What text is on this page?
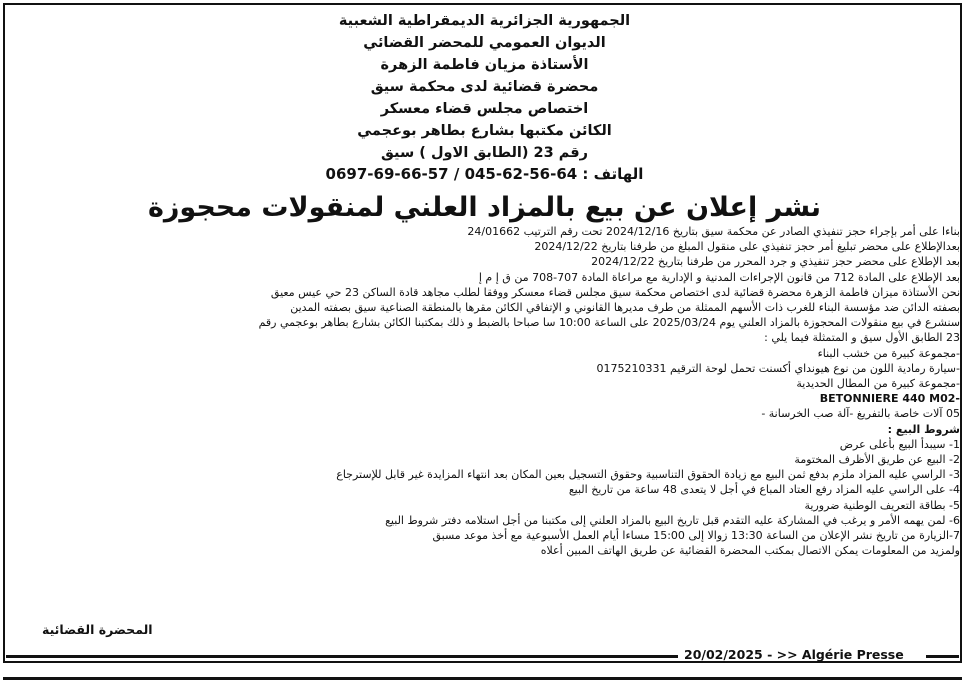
الجمهورية الجزائرية الديمقراطية الشعبية
الديوان العمومي للمحضر القضائي
الأستاذة مزيان فاطمة الزهرة
محضرة قضائية لدى محكمة سيق
اختصاص مجلس قضاء معسكر
الكائن مكتبها بشارع بطاهر بوعجمي
رقم 23 (الطابق الاول ) سيق
الهاتف : 64-56-62-045 / 57-66-69-0697
نشر إعلان عن بيع بالمزاد العلني لمنقولات محجوزة
بناءا على أمر بإجراء حجز تنفيذي الصادر عن محكمة سيق بتاريخ 2024/12/16 تحت رقم الترتيب 24/01662
بعدالإطلاع على محضر تبليغ أمر حجز تنفيذي على منقول المبلغ من طرفنا بتاريخ 2024/12/22
بعد الإطلاع على محضر حجز تنفيذي و جرد المحرر من طرفنا بتاريخ 2024/12/22
بعد الإطلاع على المادة 712 من قانون الإجراءات المدنية و الإدارية مع مراعاة المادة 707-708 من ق إ م إ
نحن الأستاذة ميزان فاطمة الزهرة محضرة قضائية لدى اختصاص محكمة سيق مجلس قضاء معسكر ووفقا لطلب مجاهد قادة الساكن 23 حي عيس معيق
بصفته الدائن ضد مؤسسة البناء للغرب ذات الأسهم الممثلة من طرف مديرها القانوني و الإتفاقي الكائن مقرها بالمنطقة الصناعية سيق بصفته المدين
سنشرع في بيع منقولات المحجوزة بالمزاد العلني يوم 2025/03/24 على الساعة 10:00 سا صباحا بالضبط و ذلك بمكتبنا الكائن بشارع بطاهر بوعجمي رقم
23 الطابق الأول سيق و المتمثلة فيما يلي :
-مجموعة كبيرة من خشب البناء
-سيارة رمادية اللون من نوع هيونداي أكسنت تحمل لوحة الترقيم 0175210331
-مجموعة كبيرة من المطال الحديدية
-BETONNIERE 440 M02
05 آلات خاصة بالتفريغ -آلة صب الخرسانة -
شروط البيع :
1- سيبدأ البيع بأعلى عرض
2- البيع عن طريق الأظرف المختومة
3- الراسي عليه المزاد ملزم بدفع ثمن البيع مع زيادة الحقوق التناسبية وحقوق التسجيل بعين المكان بعد انتهاء المزايدة غير قابل للإسترجاع
4- على الراسي عليه المزاد رفع العتاد المباع في أجل لا يتعدى 48 ساعة من تاريخ البيع
5- بطاقة التعريف الوطنية ضرورية
6- لمن يهمه الأمر و يرغب في المشاركة عليه التقدم قبل تاريخ البيع بالمزاد العلني إلى مكتبنا من أجل استلامه دفتر شروط البيع
7-الزيارة من تاريخ نشر الإعلان من الساعة 13:30 زوالا إلى 15:00 مساءا أيام العمل الأسبوعية مع أخذ موعد مسبق
ولمزيد من المعلومات يمكن الاتصال بمكتب المحضرة القضائية عن طريق الهاتف المبين أعلاه
المحضرة القضائية
20/02/2025 - >> Algérie Presse
